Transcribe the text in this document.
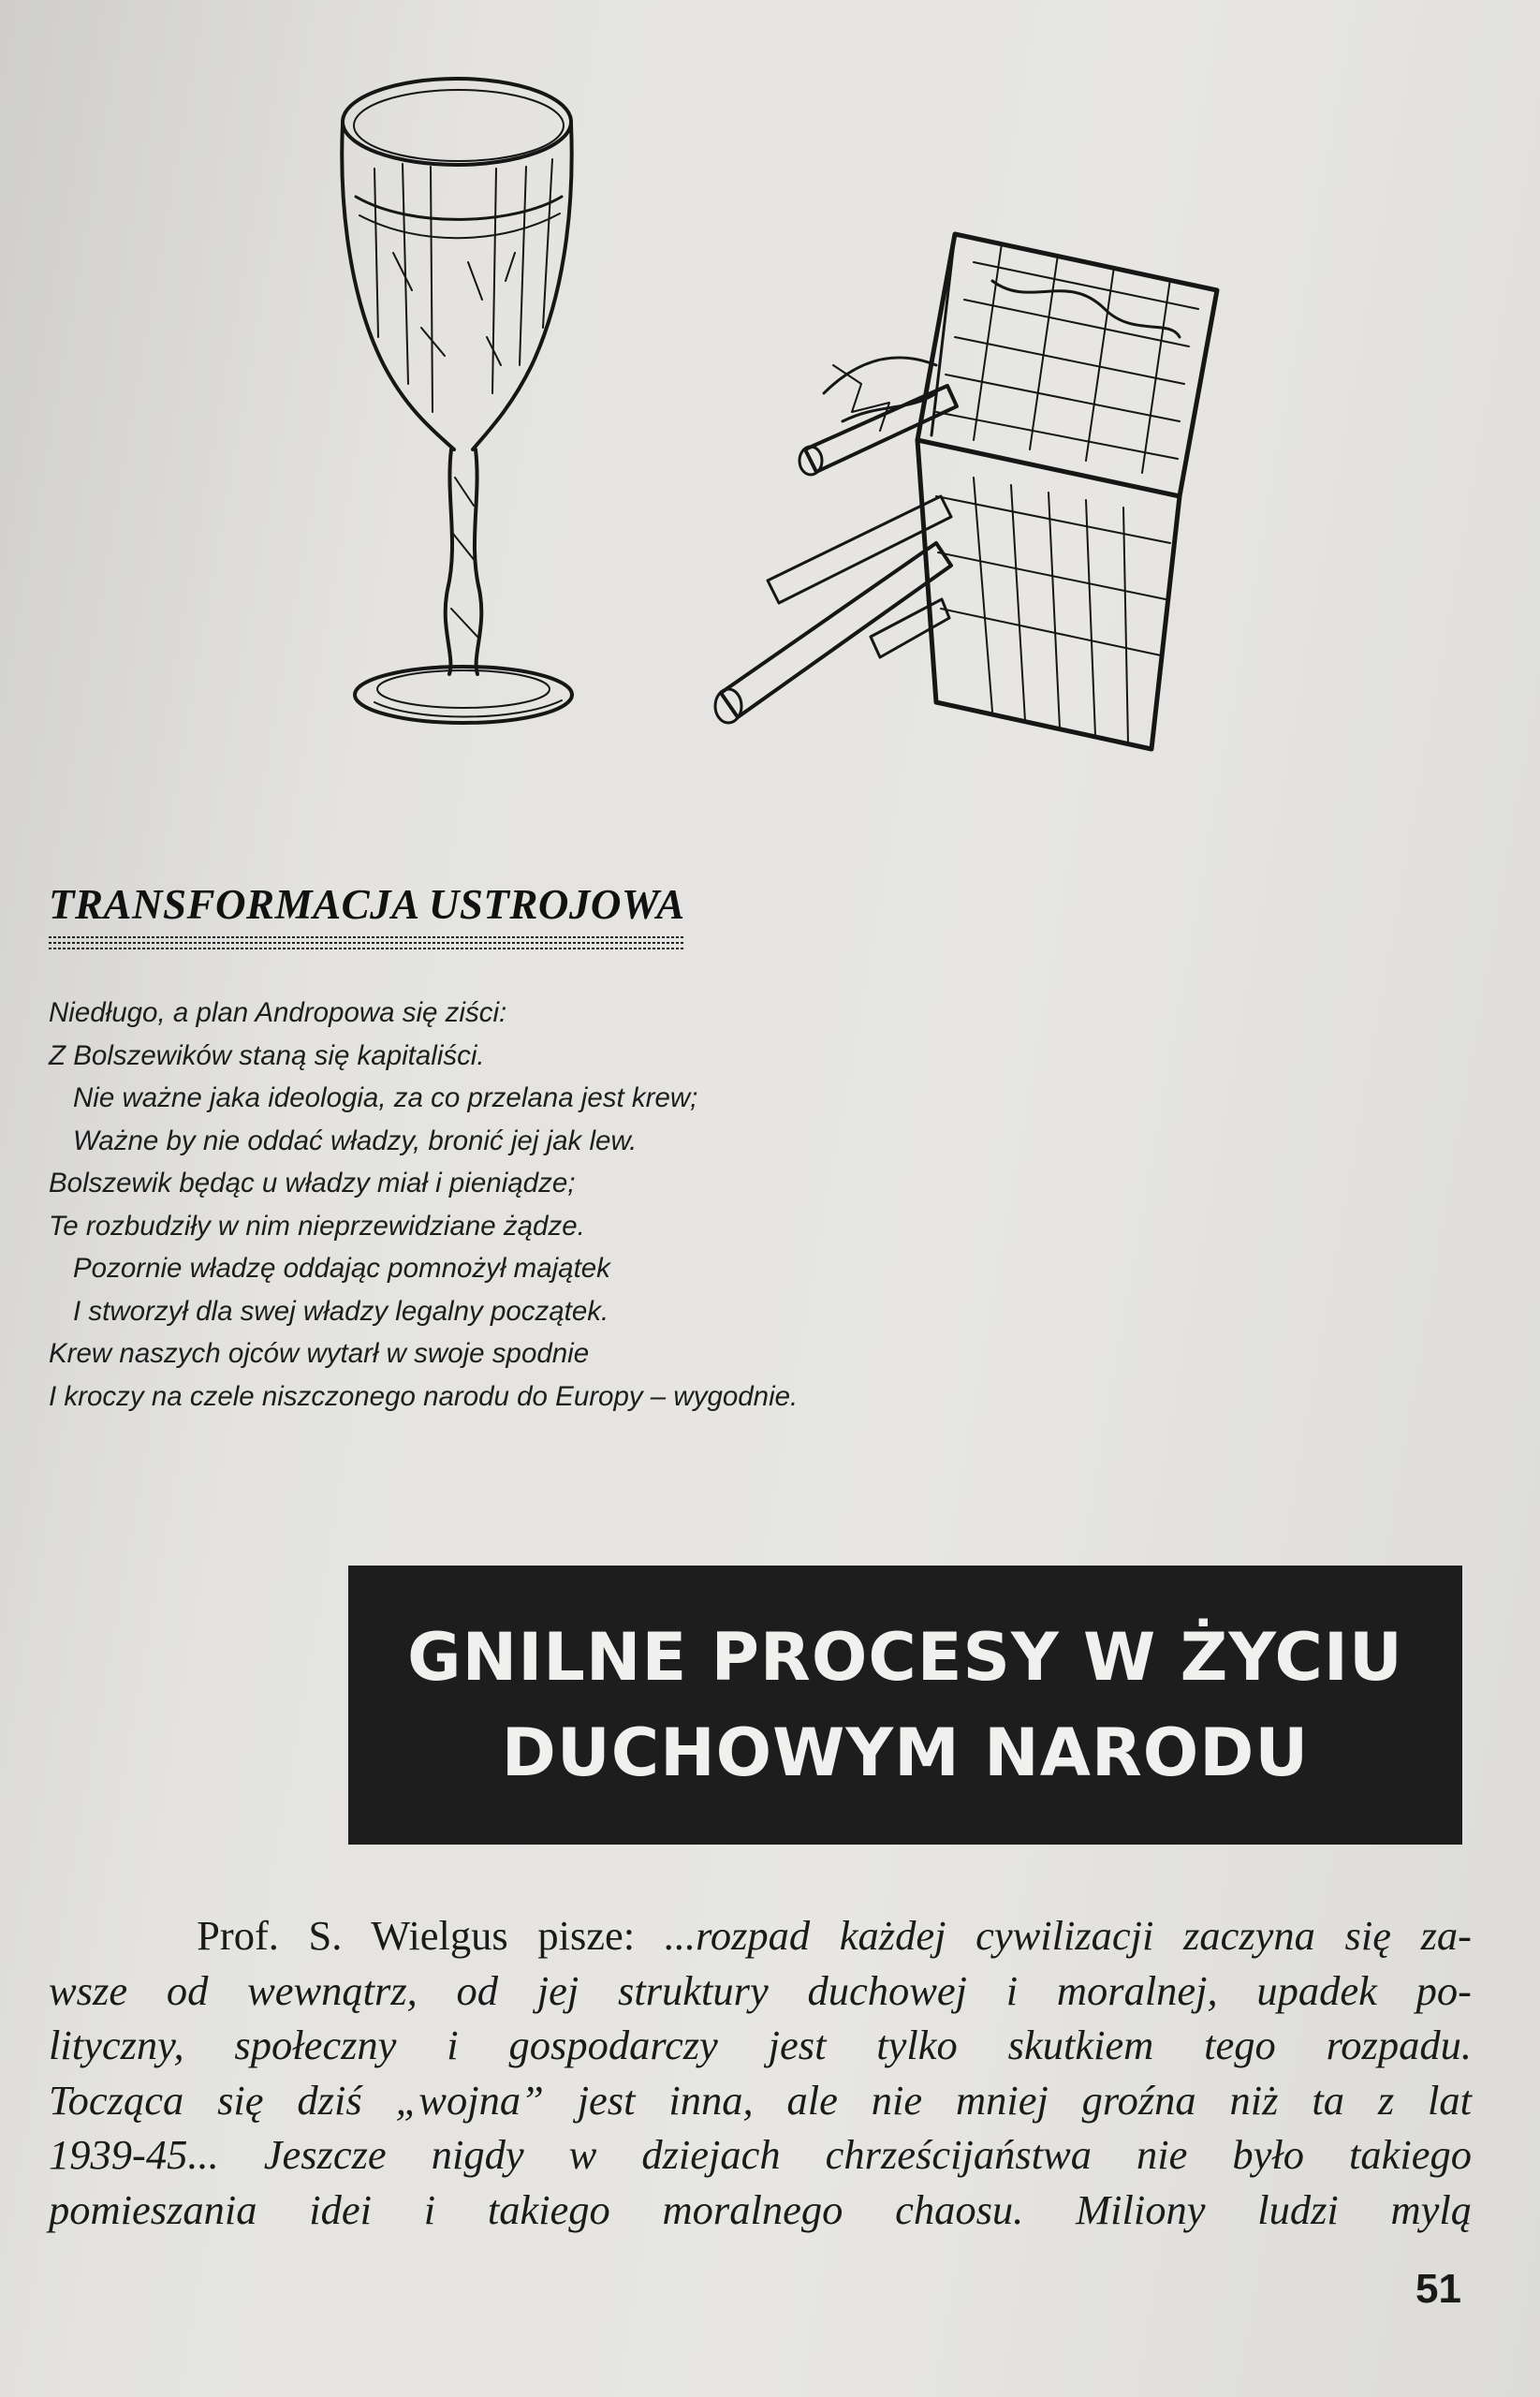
TRANSFORMACJA USTROJOWA
Niedługo, a plan Andropowa się ziści:
Z Bolszewików staną się kapitaliści.
Nie ważne jaka ideologia, za co przelana jest krew;
Ważne by nie oddać władzy, bronić jej jak lew.
Bolszewik będąc u władzy miał i pieniądze;
Te rozbudziły w nim nieprzewidziane żądze.
Pozornie władzę oddając pomnożył majątek
I stworzył dla swej władzy legalny początek.
Krew naszych ojców wytarł w swoje spodnie
I kroczy na czele niszczonego narodu do Europy – wygodnie.
GNILNE PROCESY W ŻYCIU
DUCHOWYM NARODU
Prof. S. Wielgus pisze: ...rozpad każdej cywilizacji zaczyna się za-
wsze od wewnątrz, od jej struktury duchowej i moralnej, upadek po-
lityczny, społeczny i gospodarczy jest tylko skutkiem tego rozpadu.
Tocząca się dziś „wojna” jest inna, ale nie mniej groźna niż ta z lat
1939-45... Jeszcze nigdy w dziejach chrześcijaństwa nie było takiego
pomieszania idei i takiego moralnego chaosu. Miliony ludzi mylą
51
